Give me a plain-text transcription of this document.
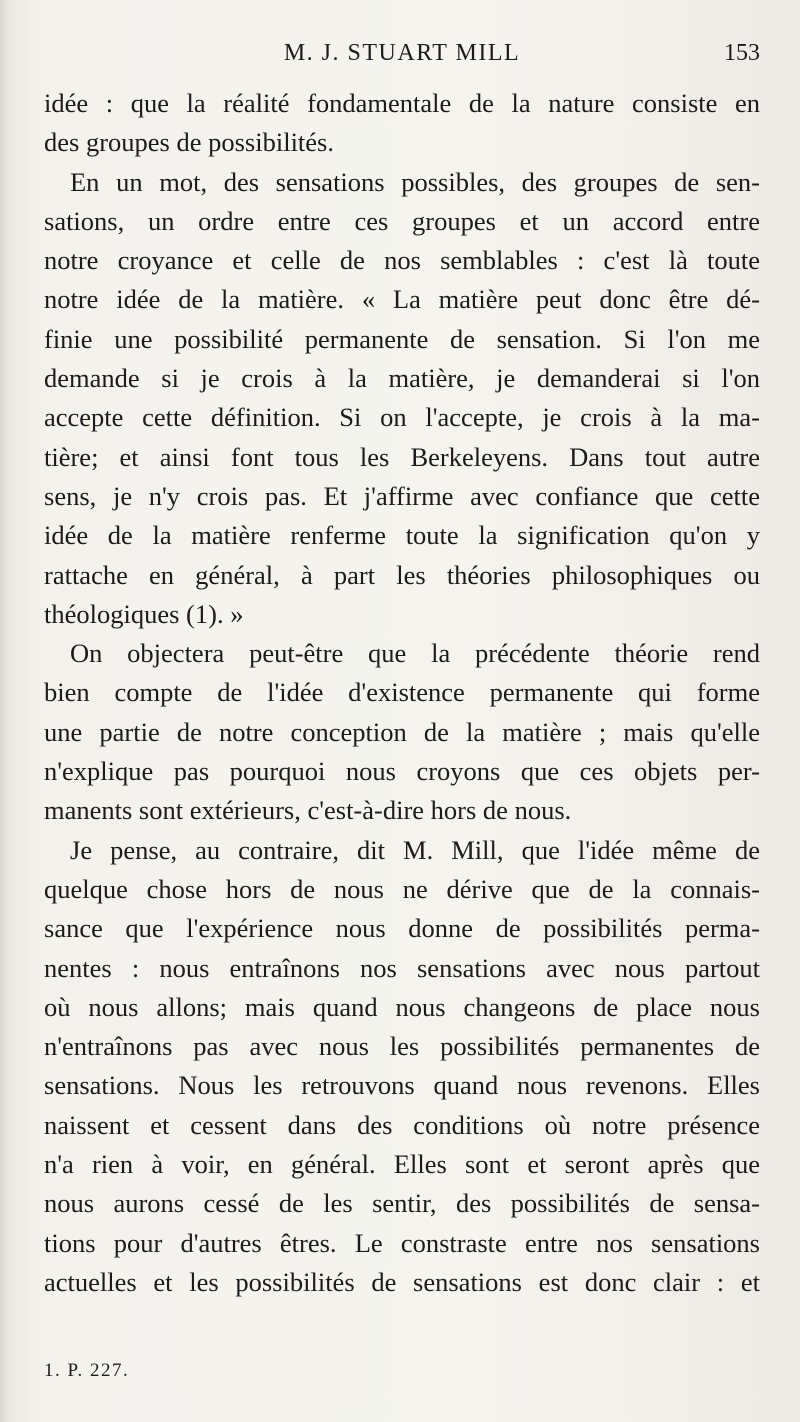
M. J. STUART MILL	153
idée : que la réalité fondamentale de la nature consiste en
des groupes de possibilités.
En un mot, des sensations possibles, des groupes de sen-
sations, un ordre entre ces groupes et un accord entre
notre croyance et celle de nos semblables : c'est là toute
notre idée de la matière. « La matière peut donc être dé-
finie une possibilité permanente de sensation. Si l'on me
demande si je crois à la matière, je demanderai si l'on
accepte cette définition. Si on l'accepte, je crois à la ma-
tière; et ainsi font tous les Berkeleyens. Dans tout autre
sens, je n'y crois pas. Et j'affirme avec confiance que cette
idée de la matière renferme toute la signification qu'on y
rattache en général, à part les théories philosophiques ou
théologiques (1). »
On objectera peut-être que la précédente théorie rend
bien compte de l'idée d'existence permanente qui forme
une partie de notre conception de la matière ; mais qu'elle
n'explique pas pourquoi nous croyons que ces objets per-
manents sont extérieurs, c'est-à-dire hors de nous.
Je pense, au contraire, dit M. Mill, que l'idée même de
quelque chose hors de nous ne dérive que de la connais-
sance que l'expérience nous donne de possibilités perma-
nentes : nous entraînons nos sensations avec nous partout
où nous allons; mais quand nous changeons de place nous
n'entraînons pas avec nous les possibilités permanentes de
sensations. Nous les retrouvons quand nous revenons. Elles
naissent et cessent dans des conditions où notre présence
n'a rien à voir, en général. Elles sont et seront après que
nous aurons cessé de les sentir, des possibilités de sensa-
tions pour d'autres êtres. Le constraste entre nos sensations
actuelles et les possibilités de sensations est donc clair : et
1. P. 227.
